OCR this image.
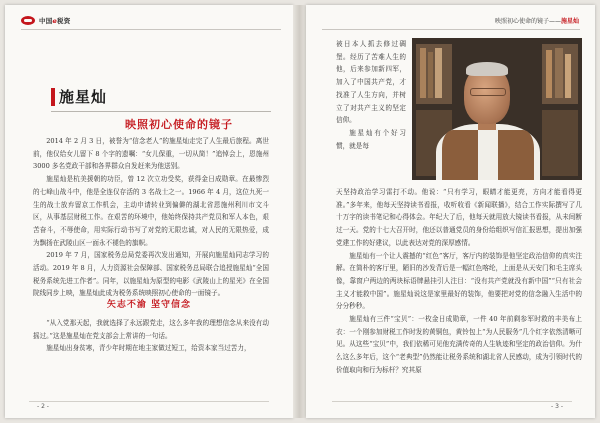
中国e税资
施星灿
映照初心使命的镜子

2014 年 2 月 3 日，被誉为“信念老人”的施星灿走完了人生最后旅程。离世前，他仅给女儿留下 8 个字的遗嘱：“女儿保重，一切从简！”追悼会上，恩施州 3000 多名党政干部和各界群众自发赶来为他送别。

施星灿是杭美援朝的功臣，曾 12 次立功受奖，获得金日成勋章。在最惨烈的七峰山战斗中，他是全连仅存活的 3 名战士之一。1966 年 4 月，这位九死一生的战士放弃留京工作机会，主动申请转业到偏僻的湖北省恩施州利川市文斗区，从事基层财税工作。在艰苦的环境中，他始终保持共产党员和军人本色，艰苦奋斗，不辱使命，用实际行动书写了对党的无限忠诚，对人民的无限热爱，成为飘扬在武陵山区一面永不褪色的旗帜。

2019 年 7 月，国家税务总局党委再次发出通知，开展向施星灿同志学习的活动。2019 年 8 月，人力资源社会保障部、国家税务总局联合追授施星灿“全国税务系统先进工作者”。同年，以施星灿为原型的电影《武陵山上的星光》在全国院线同步上映，施星灿此成为税务系统映照初心使命的一面镜子。

矢志不渝 坚守信念

“从入党那天起，我就选择了永远跟党走，这么多年我的理想信念从来没有动摇过。”这是施星灿在党支部会上常讲的一句话。

施星灿出身贫寒，青少年时期在地主家做过短工，给资本家当过苦力，

- 2 -
映照初心使命的镜子——施星灿

被日本人抓去修过碉堡。经历了苦难人生的他，后来参加新四军，加入了中国共产党，才找准了人生方向，并树立了对共产主义的坚定信仰。

施星灿有个好习惯，就是每

天坚持政治学习雷打不动。他说：“只有学习，眼睛才能更亮，方向才能看得更准。”多年来，他每天坚持读书看报，收听收看《新闻联播》，结合工作实际撰写了几十万字的读书笔记和心得体会。年纪大了后，他每天就用放大镜读书看报，从未间断过一天。党的十七大召开时，他还以普通党员的身份给组织写信汇报思想，提出加强党建工作的好建议，以此表达对党的深厚感情。

施星灿有一个让人震撼的“红色”客厅，客厅内的装饰是他坚定政治信仰的真实注解。在简朴的客厅里，陋旧的沙发背后是一幅红色喀纶，上面是从天安门和毛主席头像，靠窗户两边的两块标语牌悬挂引人注目：“没有共产党就没有新中国”“只有社会主义才能救中国”。施星灿说这是家里最好的装饰，他要把对党的信念融入生活中的分分秒秒。

施星灿有三件“宝贝”：一枚金日成勋章，一件 40 年前剩参军时救的丰美布上衣：一个刚参加财税工作时发的黄铜包，黄铃包上“为人民服务”几个红字依然清晰可见。从这些“宝贝”中，我们依稀可见他充满传奇的人生轨迹和坚定的政治信仰。为什么这么多年后，这个“老典型”仍然能让税务系统和湖北省人民感动，成为引领时代的价值取向和行为标杆？究其原

- 3 -
